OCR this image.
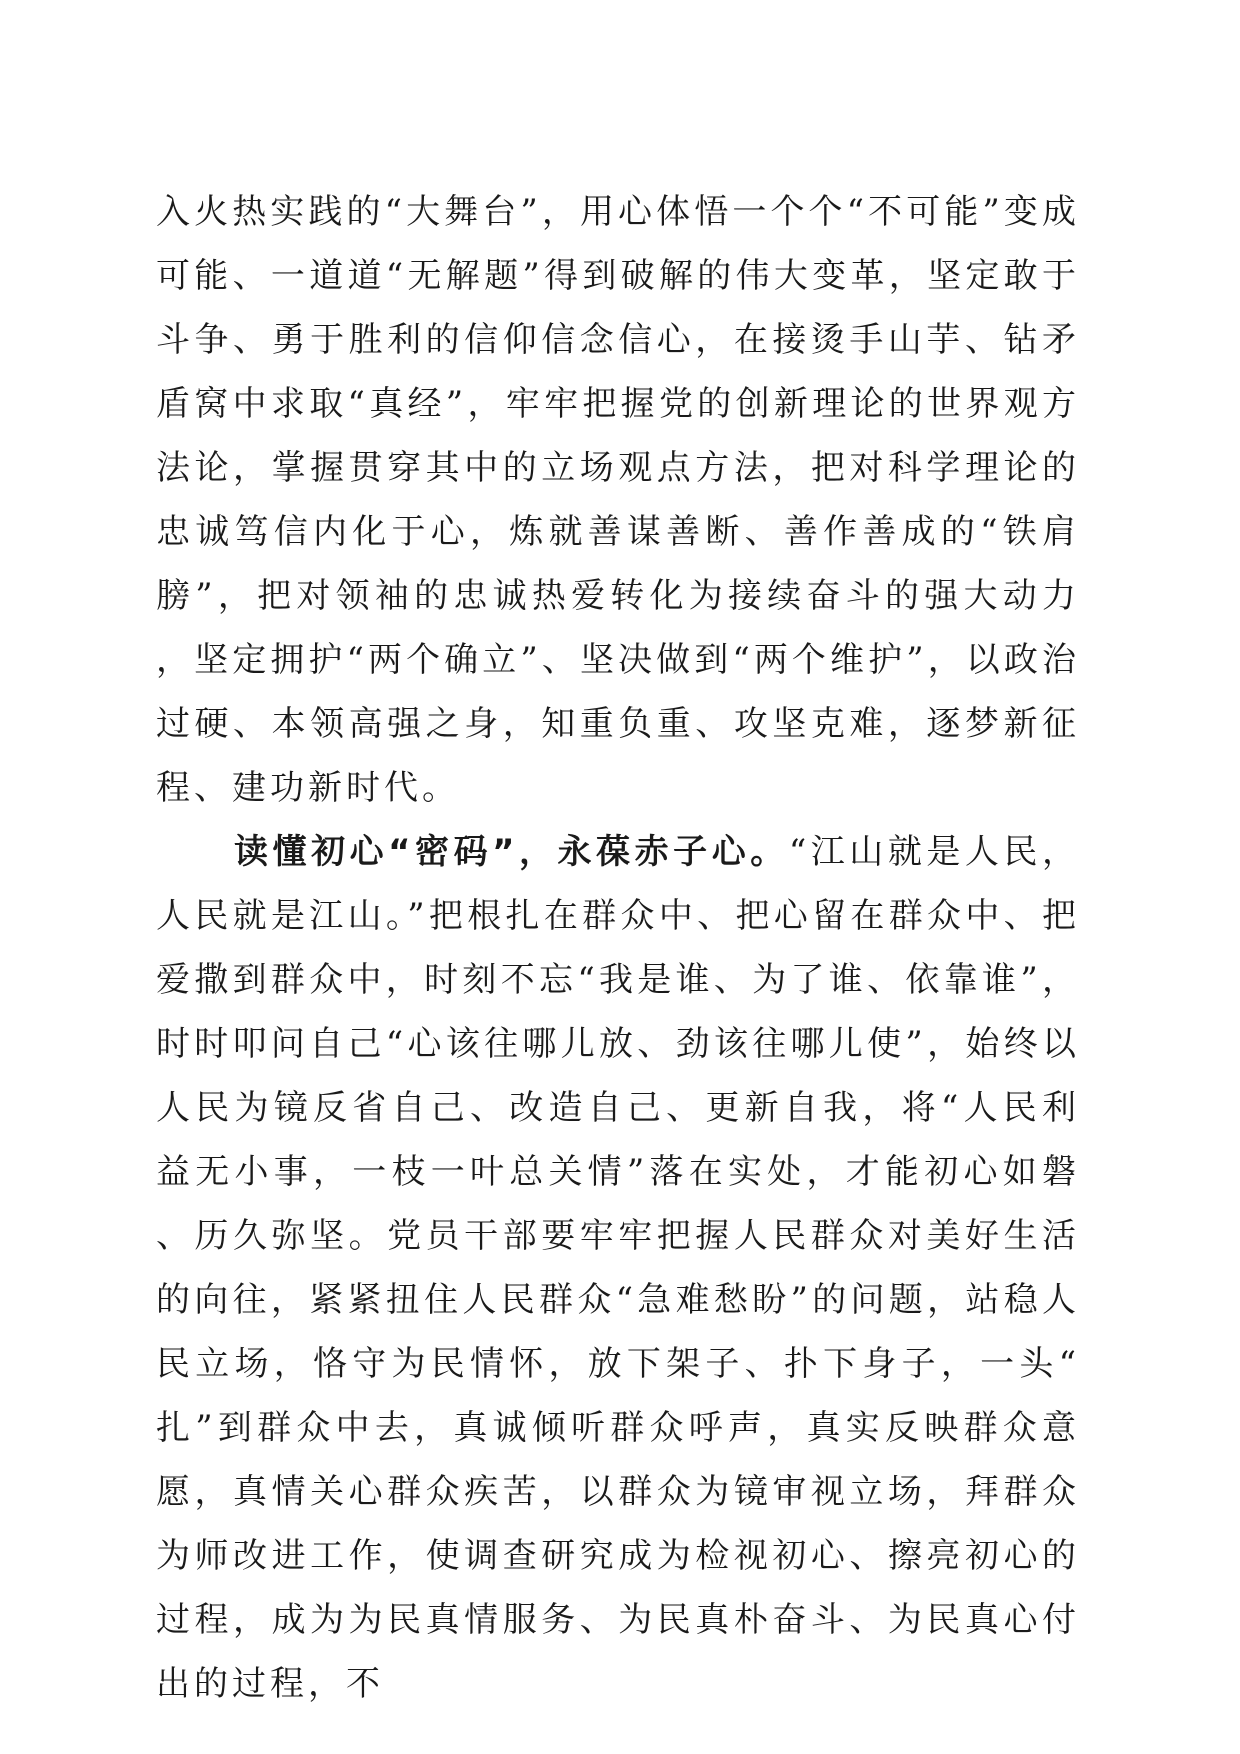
入火热实践的“大舞台”，用心体悟一个个“不可能”变成可能、一道道“无解题”得到破解的伟大变革，坚定敢于斗争、勇于胜利的信仰信念信心，在接烫手山芋、钻矛盾窝中求取“真经”，牢牢把握党的创新理论的世界观方法论，掌握贯穿其中的立场观点方法，把对科学理论的忠诚笃信内化于心，炼就善谋善断、善作善成的“铁肩膀”，把对领袖的忠诚热爱转化为接续奋斗的强大动力，坚定拥护“两个确立”、坚决做到“两个维护”，以政治过硬、本领高强之身，知重负重、攻坚克难，逐梦新征程、建功新时代。

读懂初心“密码”，永葆赤子心。“江山就是人民，人民就是江山。”把根扎在群众中、把心留在群众中、把爱撒到群众中，时刻不忘“我是谁、为了谁、依靠谁”，时时叩问自己“心该往哪儿放、劲该往哪儿使”，始终以人民为镜反省自己、改造自己、更新自我，将“人民利益无小事，一枝一叶总关情”落在实处，才能初心如磐、历久弥坚。党员干部要牢牢把握人民群众对美好生活的向往，紧紧扭住人民群众“急难愁盼”的问题，站稳人民立场，恪守为民情怀，放下架子、扑下身子，一头“扎”到群众中去，真诚倾听群众呼声，真实反映群众意愿，真情关心群众疾苦，以群众为镜审视立场，拜群众为师改进工作，使调查研究成为检视初心、擦亮初心的过程，成为为民真情服务、为民真朴奋斗、为民真心付出的过程，不
